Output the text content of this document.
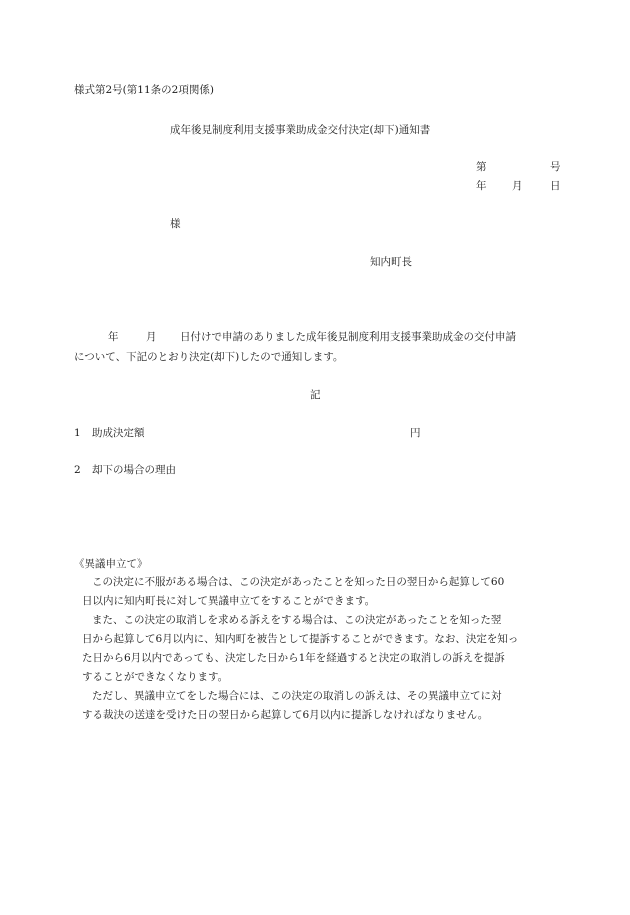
様式第2号(第11条の2項関係)
成年後見制度利用支援事業助成金交付決定(却下)通知書
第	号
年 月	日
様
知内町長
年	月 日付けで申請のありました成年後見制度利用支援事業助成金の交付申請
について、下記のとおり決定(却下)したので通知します。
記
1 助成決定額	円
2 却下の場合の理由
《異議申立て》
この決定に不服がある場合は、この決定があったことを知った日の翌日から起算して60
日以内に知内町長に対して異議申立てをすることができます。
また、この決定の取消しを求める訴えをする場合は、この決定があったことを知った翌
日から起算して6月以内に、知内町を被告として提訴することができます。なお、決定を知っ
た日から6月以内であっても、決定した日から1年を経過すると決定の取消しの訴えを提訴
することができなくなります。
ただし、異議申立てをした場合には、この決定の取消しの訴えは、その異議申立てに対
する裁決の送達を受けた日の翌日から起算して6月以内に提訴しなければなりません。
